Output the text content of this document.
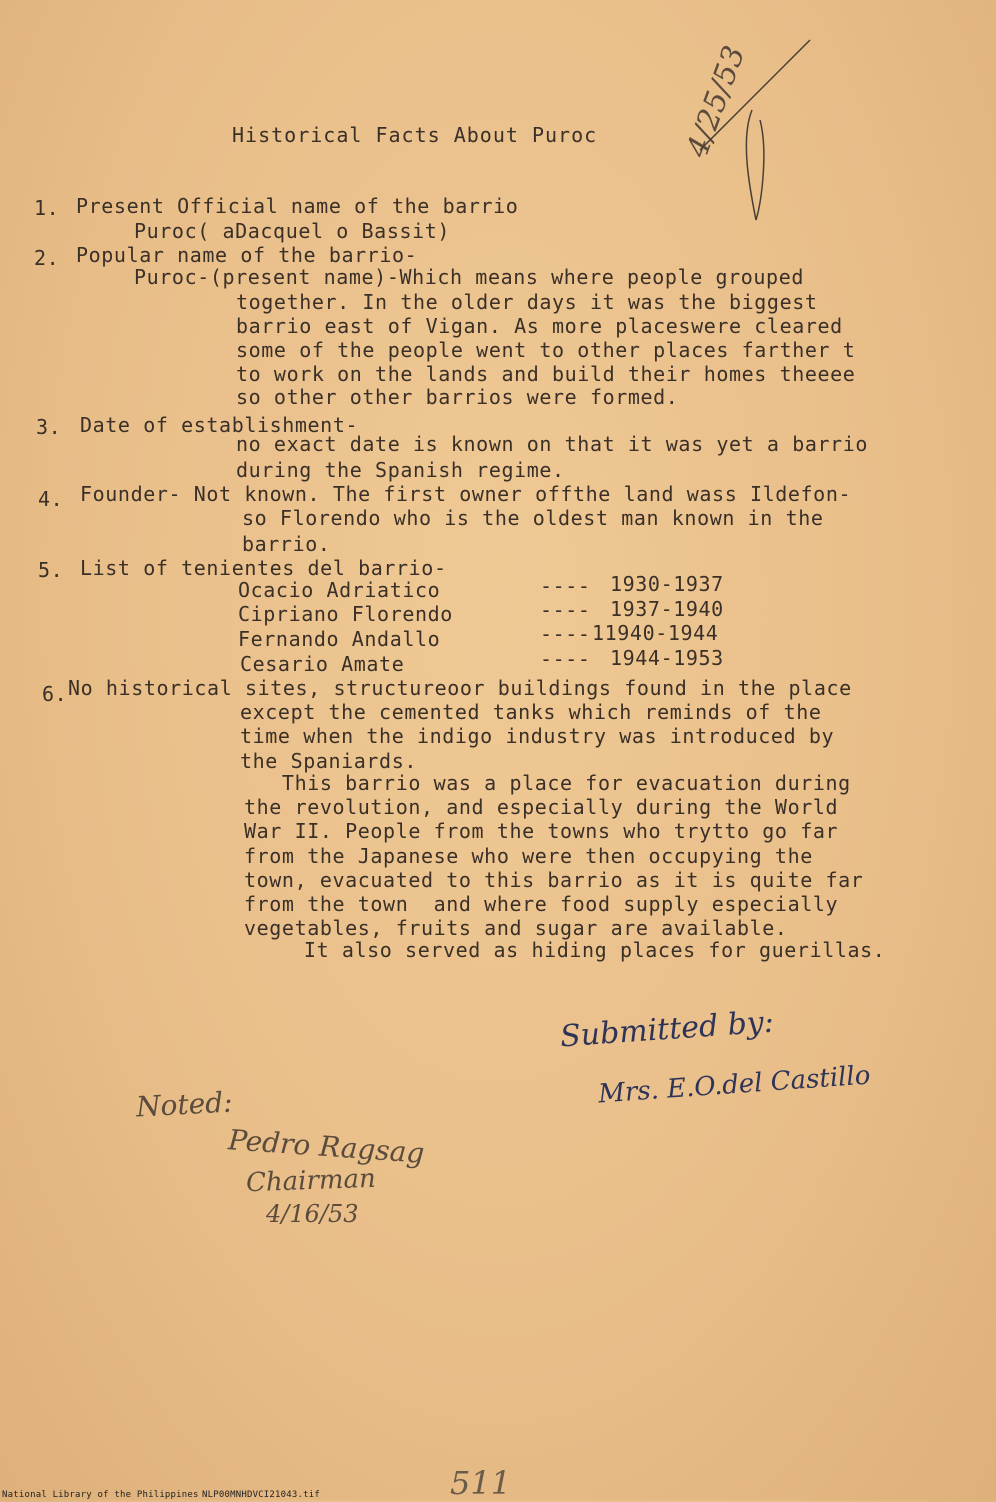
Historical Facts About Puroc
1. Present Official name of the barrio
Puroc( aDacquel o Bassit)
2. Popular name of the barrio-
Puroc-(present name)-Which means where people grouped
together. In the older days it was the biggest
barrio east of Vigan. As more placeswere cleared
some of the people went to other places farther t
to work on the lands and build their homes theeee
so other other barrios were formed.
3. Date of establishment-
no exact date is known on that it was yet a barrio
during the Spanish regime.
4. Founder- Not known. The first owner offthe land wass Ildefon-
so Florendo who is the oldest man known in the
barrio.
5. List of tenientes del barrio-
Ocacio Adriatico	---- 1930-1937
Cipriano Florendo	---- 1937-1940
Fernando Andallo	---- 11940-1944
Cesario Amate	---- 1944-1953
6. No historical sites, structureoor buildings found in the place
except the cemented tanks which reminds of the
time when the indigo industry was introduced by
the Spaniards.
This barrio was a place for evacuation during
the revolution, and especially during the World
War II. People from the towns who trytto go far
from the Japanese who were then occupying the
town, evacuated to this barrio as it is quite far
from the town  and where food supply especially
vegetables, fruits and sugar are available.
It also served as hiding places for guerillas.
Submitted by:
Mrs. E.O.del Castillo
Noted:
Pedro Ragsag
Chairman
4/16/53
4/25/53
511
National Library of the Philippines NLP00MNHDVCI21043.tif
